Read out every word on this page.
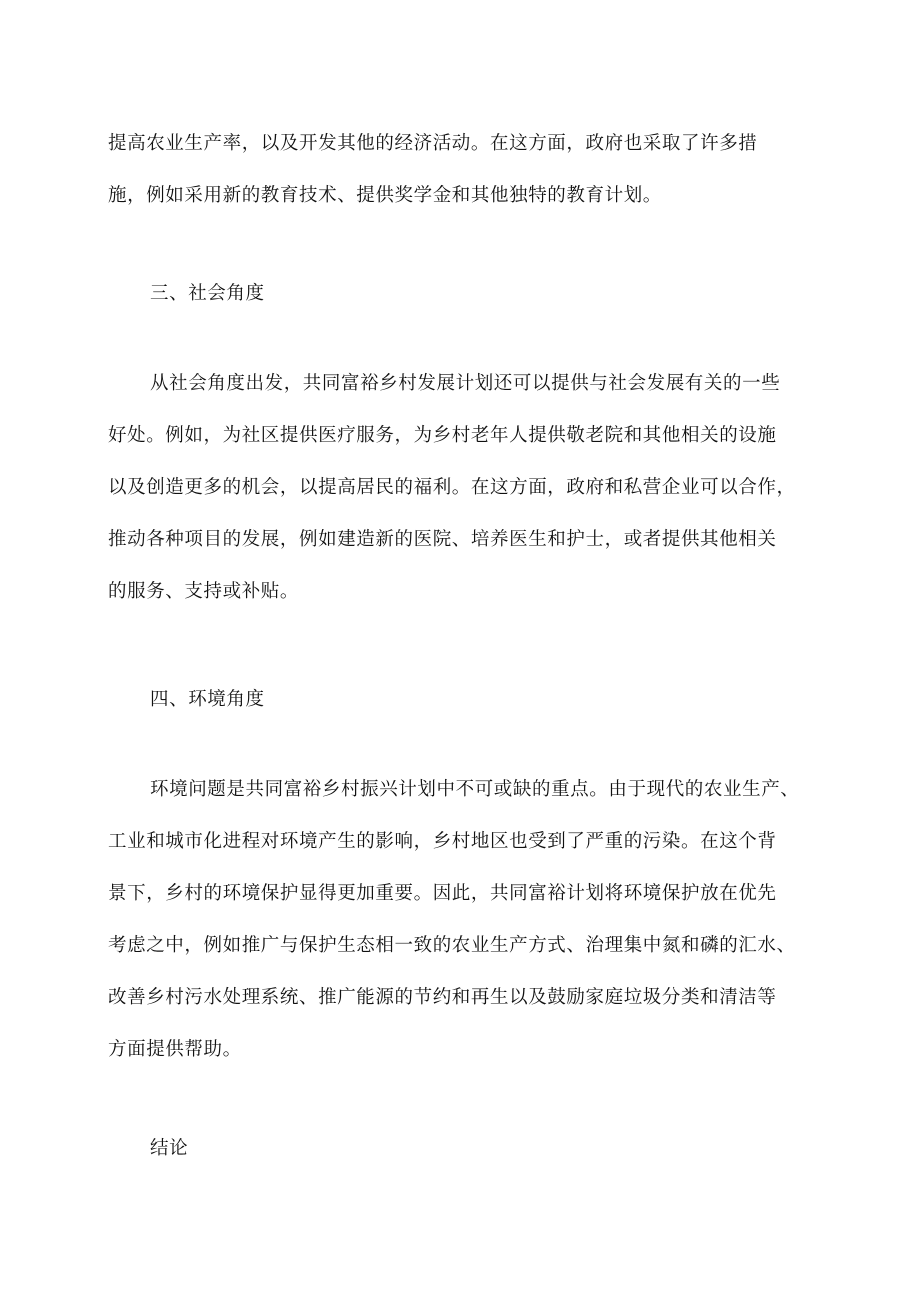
提高农业生产率，以及开发其他的经济活动。在这方面，政府也采取了许多措
施，例如采用新的教育技术、提供奖学金和其他独特的教育计划。
三、社会角度
从社会角度出发，共同富裕乡村发展计划还可以提供与社会发展有关的一些
好处。例如，为社区提供医疗服务，为乡村老年人提供敬老院和其他相关的设施
以及创造更多的机会，以提高居民的福利。在这方面，政府和私营企业可以合作，
推动各种项目的发展，例如建造新的医院、培养医生和护士，或者提供其他相关
的服务、支持或补贴。
四、环境角度
环境问题是共同富裕乡村振兴计划中不可或缺的重点。由于现代的农业生产、
工业和城市化进程对环境产生的影响，乡村地区也受到了严重的污染。在这个背
景下，乡村的环境保护显得更加重要。因此，共同富裕计划将环境保护放在优先
考虑之中，例如推广与保护生态相一致的农业生产方式、治理集中氮和磷的汇水、
改善乡村污水处理系统、推广能源的节约和再生以及鼓励家庭垃圾分类和清洁等
方面提供帮助。
结论
